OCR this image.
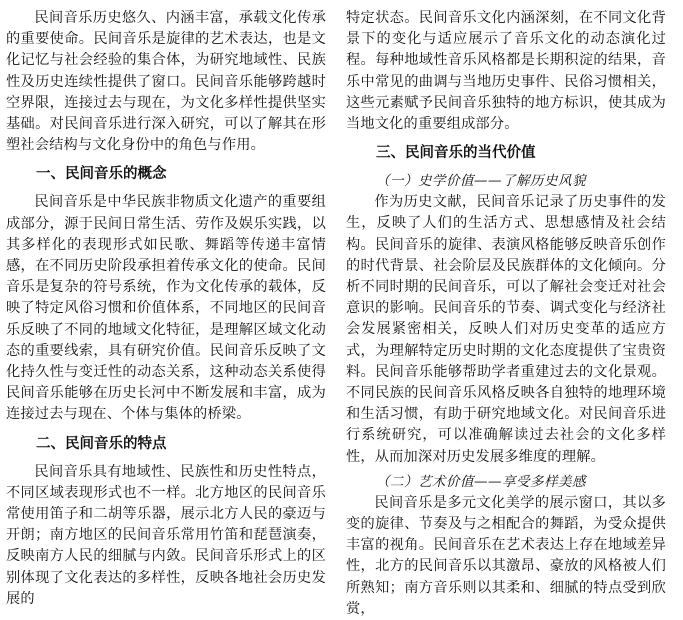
民间音乐历史悠久、内涵丰富，承载文化传承的重要使命。民间音乐是旋律的艺术表达，也是文化记忆与社会经验的集合体，为研究地域性、民族性及历史连续性提供了窗口。民间音乐能够跨越时空界限，连接过去与现在，为文化多样性提供坚实基础。对民间音乐进行深入研究，可以了解其在形塑社会结构与文化身份中的角色与作用。

一、民间音乐的概念

民间音乐是中华民族非物质文化遗产的重要组成部分，源于民间日常生活、劳作及娱乐实践，以其多样化的表现形式如民歌、舞蹈等传递丰富情感，在不同历史阶段承担着传承文化的使命。民间音乐是复杂的符号系统，作为文化传承的载体，反映了特定风俗习惯和价值体系，不同地区的民间音乐反映了不同的地域文化特征，是理解区域文化动态的重要线索，具有研究价值。民间音乐反映了文化持久性与变迁性的动态关系，这种动态关系使得民间音乐能够在历史长河中不断发展和丰富，成为连接过去与现在、个体与集体的桥梁。

二、民间音乐的特点

民间音乐具有地域性、民族性和历史性特点，不同区域表现形式也不一样。北方地区的民间音乐常使用笛子和二胡等乐器，展示北方人民的豪迈与开朗；南方地区的民间音乐常用竹笛和琵琶演奏，反映南方人民的细腻与内敛。民间音乐形式上的区别体现了文化表达的多样性，反映各地社会历史发展的

特定状态。民间音乐文化内涵深刻，在不同文化背景下的变化与适应展示了音乐文化的动态演化过程。每种地域性音乐风格都是长期积淀的结果，音乐中常见的曲调与当地历史事件、民俗习惯相关，这些元素赋予民间音乐独特的地方标识，使其成为当地文化的重要组成部分。

三、民间音乐的当代价值
（一）史学价值——了解历史风貌

作为历史文献，民间音乐记录了历史事件的发生，反映了人们的生活方式、思想感情及社会结构。民间音乐的旋律、表演风格能够反映音乐创作的时代背景、社会阶层及民族群体的文化倾向。分析不同时期的民间音乐，可以了解社会变迁对社会意识的影响。民间音乐的节奏、调式变化与经济社会发展紧密相关，反映人们对历史变革的适应方式，为理解特定历史时期的文化态度提供了宝贵资料。民间音乐能够帮助学者重建过去的文化景观。不同民族的民间音乐风格反映各自独特的地理环境和生活习惯，有助于研究地域文化。对民间音乐进行系统研究，可以准确解读过去社会的文化多样性，从而加深对历史发展多维度的理解。

（二）艺术价值——享受多样美感

民间音乐是多元文化美学的展示窗口，其以多变的旋律、节奏及与之相配合的舞蹈，为受众提供丰富的视角。民间音乐在艺术表达上存在地域差异性，北方的民间音乐以其激昂、豪放的风格被人们所熟知；南方音乐则以其柔和、细腻的特点受到欣赏，
